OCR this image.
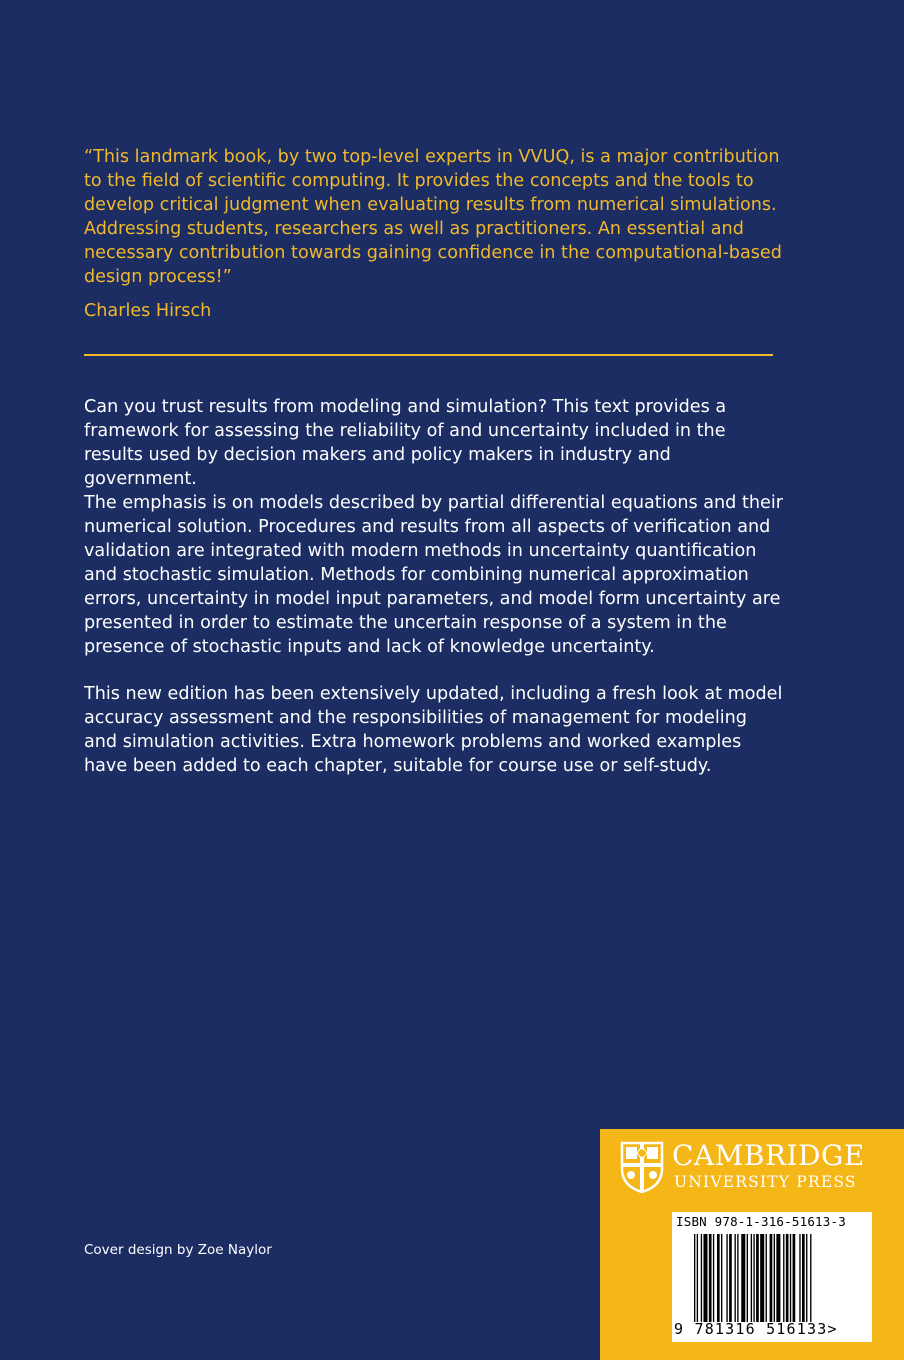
“This landmark book, by two top-level experts in VVUQ, is a major contribution to the field of scientific computing. It provides the concepts and the tools to develop critical judgment when evaluating results from numerical simulations. Addressing students, researchers as well as practitioners. An essential and necessary contribution towards gaining confidence in the computational-based design process!”

Charles Hirsch

Can you trust results from modeling and simulation? This text provides a framework for assessing the reliability of and uncertainty included in the results used by decision makers and policy makers in industry and government.

The emphasis is on models described by partial differential equations and their numerical solution. Procedures and results from all aspects of verification and validation are integrated with modern methods in uncertainty quantification and stochastic simulation. Methods for combining numerical approximation errors, uncertainty in model input parameters, and model form uncertainty are presented in order to estimate the uncertain response of a system in the presence of stochastic inputs and lack of knowledge uncertainty.

This new edition has been extensively updated, including a fresh look at model accuracy assessment and the responsibilities of management for modeling and simulation activities. Extra homework problems and worked examples have been added to each chapter, suitable for course use or self-study.

Cover design by Zoe Naylor
CAMBRIDGE
UNIVERSITY PRESS
ISBN 978-1-316-51613-3
9 781316 516133>
